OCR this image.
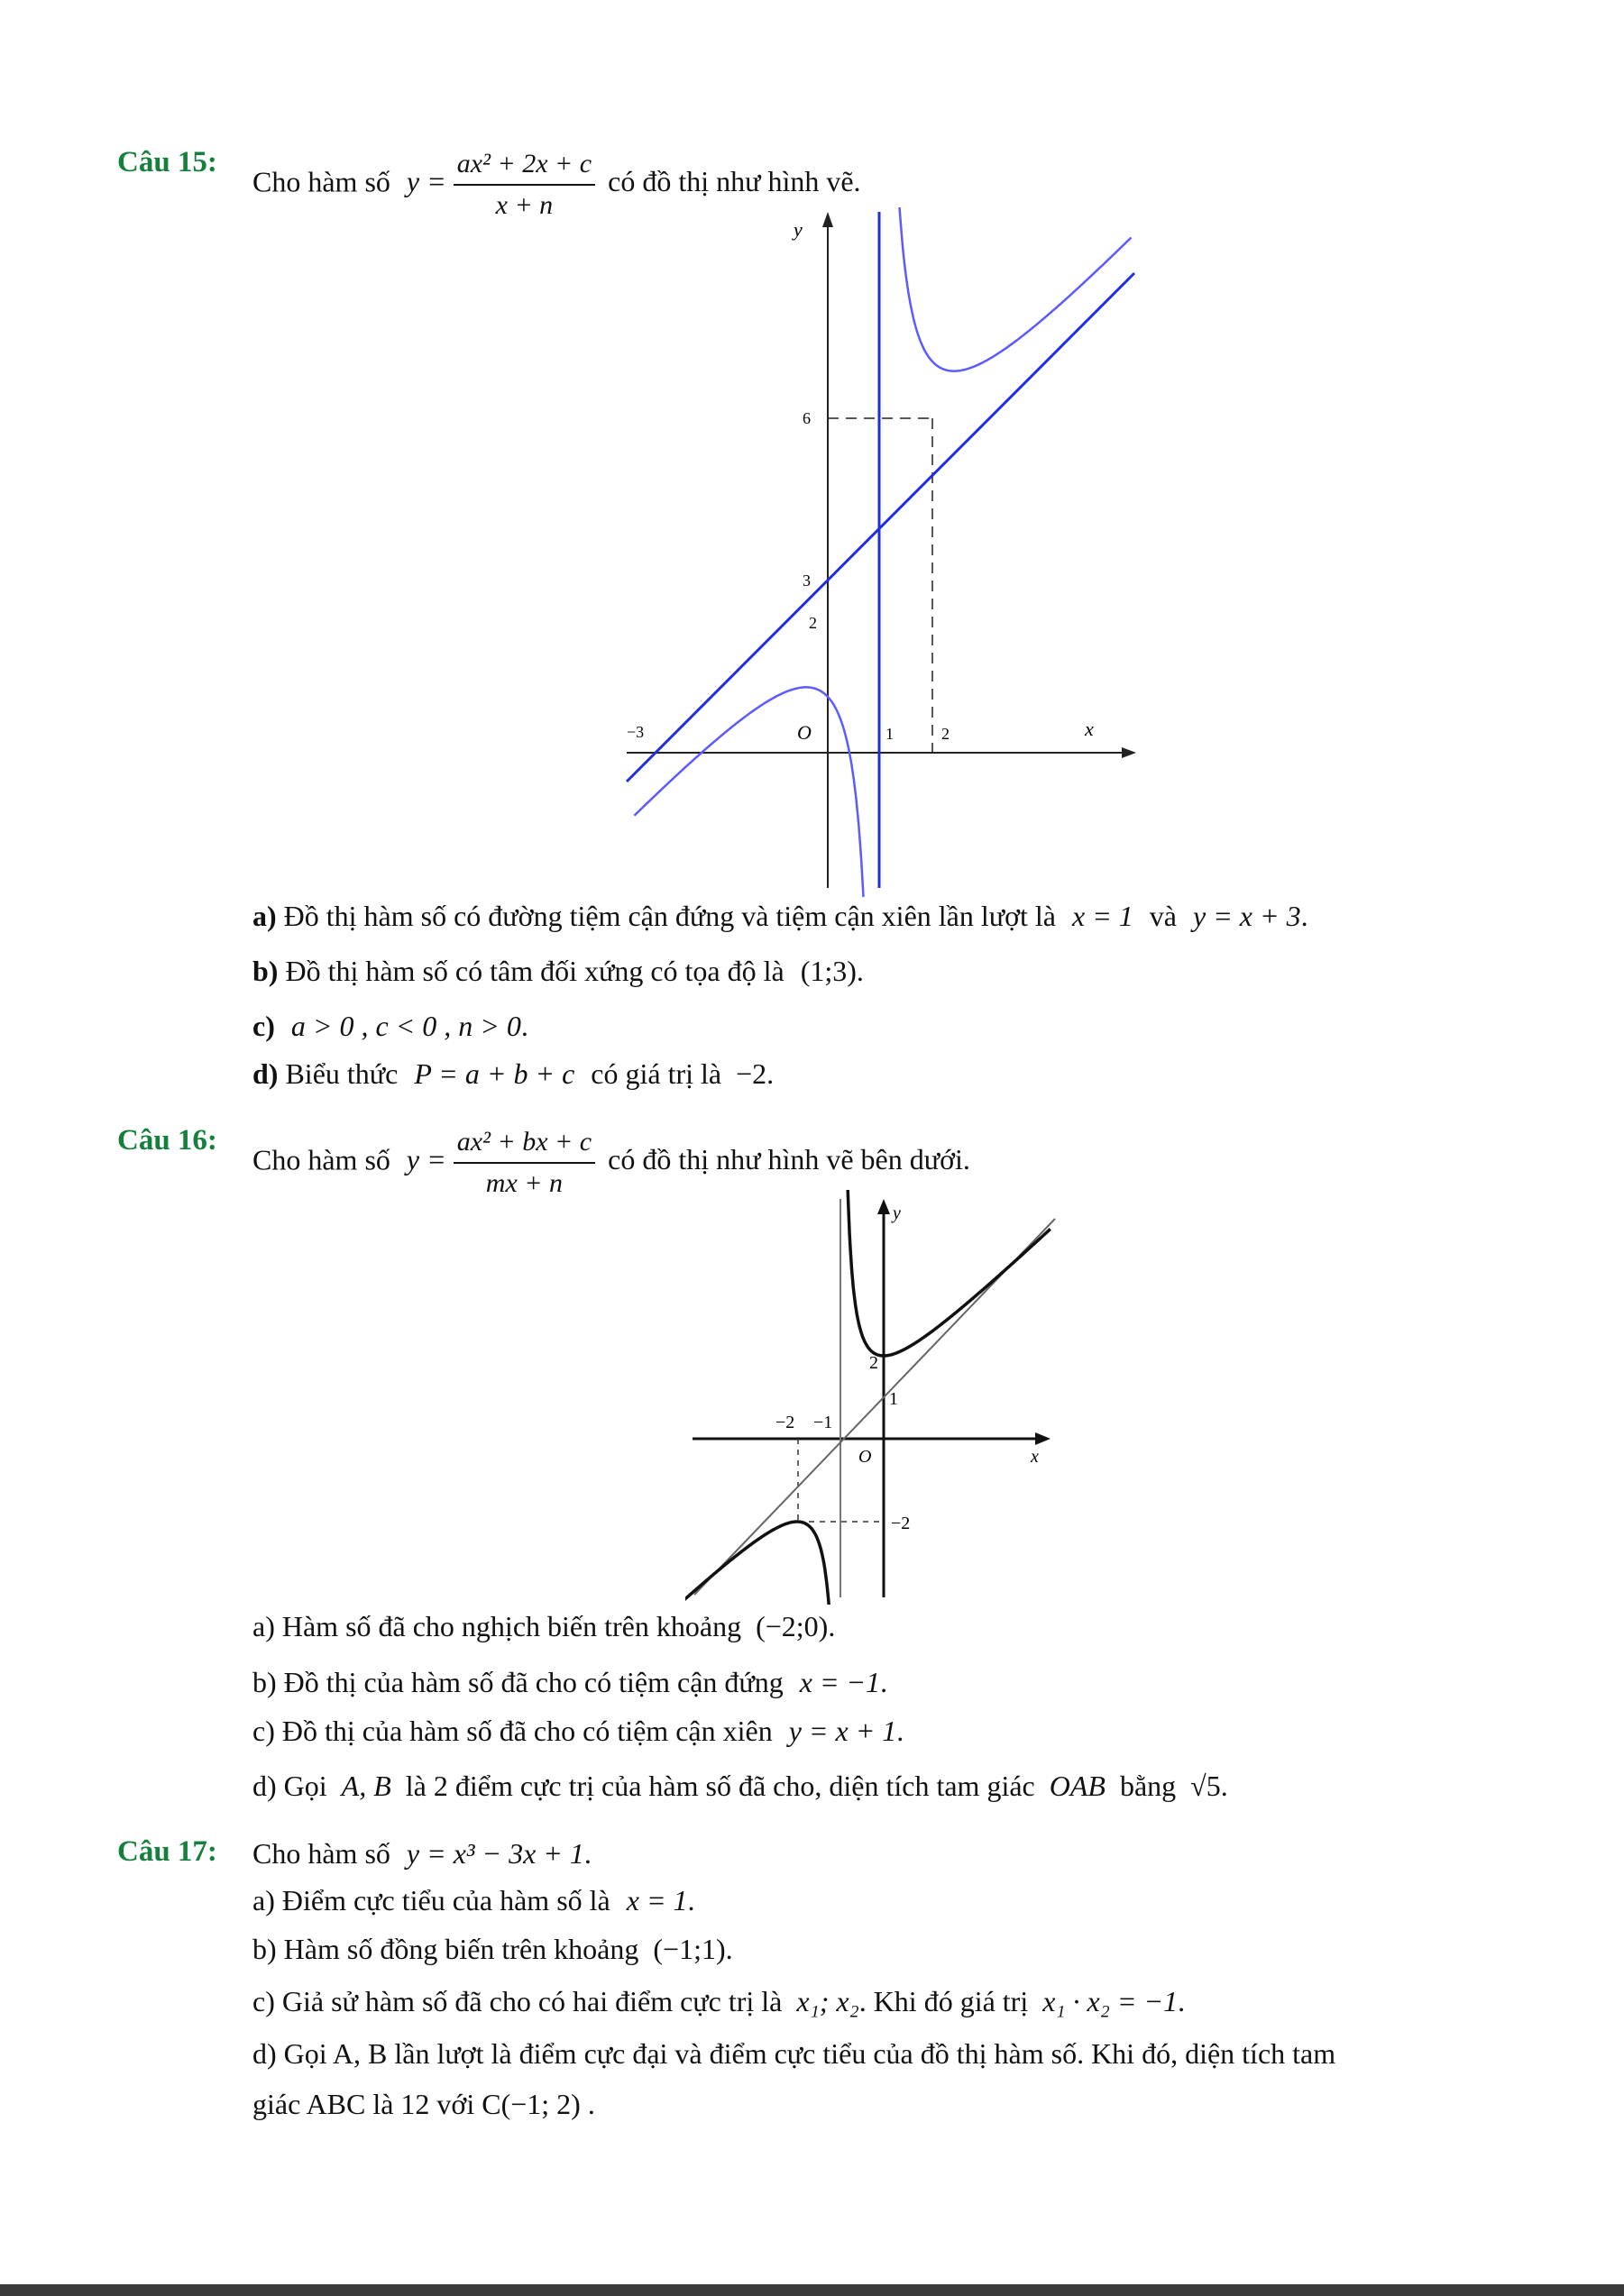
Câu 15:
Cho hàm số $y = \frac{\text{ax² + 2x + c}}{x + n}$ có đồ thị như hình vẽ.
y
x
O
6
3
2
−3	1	2
a) Đồ thị hàm số có đường tiệm cận đứng và tiệm cận xiên lần lượt là x = 1 và y = x + 3.
b) Đồ thị hàm số có tâm đối xứng có tọa độ là (1;3).
c) a > 0 , c < 0 , n > 0.
d) Biểu thức P = a + b + c có giá trị là −2.
Câu 16:
Cho hàm số $y = \frac{\text{ax² + bx + c}}{mx + n}$ có đồ thị như hình vẽ bên dưới.
y
x
O
2
1
−2
−2 −1
a) Hàm số đã cho nghịch biến trên khoảng (−2;0).
b) Đồ thị của hàm số đã cho có tiệm cận đứng x = −1.
c) Đồ thị của hàm số đã cho có tiệm cận xiên y = x + 1.
d) Gọi A, B là 2 điểm cực trị của hàm số đã cho, diện tích tam giác OAB bằng √5.
Câu 17: Cho hàm số y = x³ − 3x + 1.
a) Điểm cực tiểu của hàm số là x = 1.
b) Hàm số đồng biến trên khoảng (−1;1).
c) Giả sử hàm số đã cho có hai điểm cực trị là x₁; x₂. Khi đó giá trị x₁ · x₂ = −1.
d) Gọi A, B lần lượt là điểm cực đại và điểm cực tiểu của đồ thị hàm số. Khi đó, diện tích tam
giác ABC là 12 với C(−1; 2) .
